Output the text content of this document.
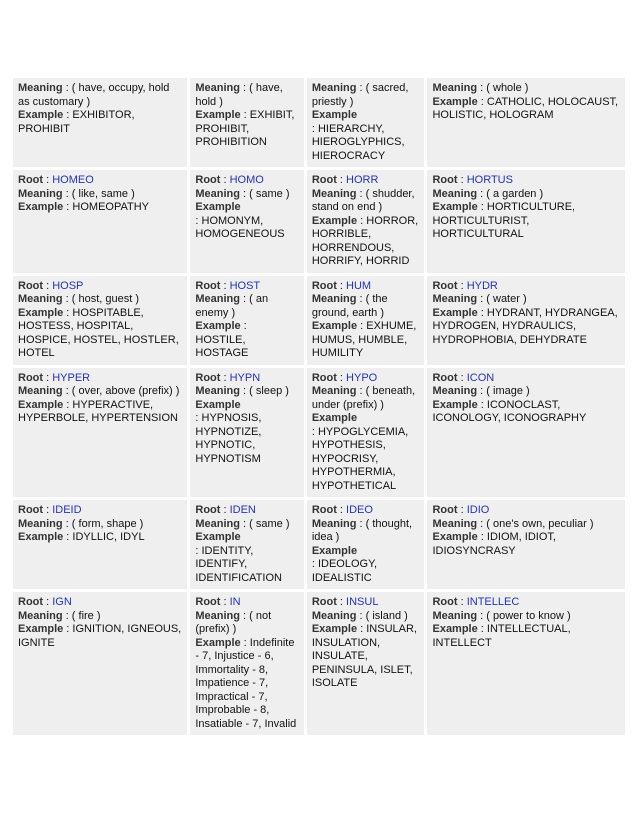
Meaning : ( have, occupy, hold as customary )
Example : EXHIBITOR, PROHIBIT	Meaning : ( have, hold )
Example : EXHIBIT, PROHIBIT, PROHIBITION	Meaning : ( sacred, priestly )
Example
: HIERARCHY, HIEROGLYPHICS, HIEROCRACY	Meaning : ( whole )
Example : CATHOLIC, HOLOCAUST, HOLISTIC, HOLOGRAM

Root : HOMEO
Meaning : ( like, same )
Example : HOMEOPATHY	Root : HOMO
Meaning : ( same )
Example
: HOMONYM, HOMOGENEOUS	Root : HORR
Meaning : ( shudder, stand on end )
Example : HORROR, HORRIBLE, HORRENDOUS, HORRIFY, HORRID	Root : HORTUS
Meaning : ( a garden )
Example : HORTICULTURE, HORTICULTURIST, HORTICULTURAL

Root : HOSP
Meaning : ( host, guest )
Example : HOSPITABLE, HOSTESS, HOSPITAL, HOSPICE, HOSTEL, HOSTLER, HOTEL	Root : HOST
Meaning : ( an enemy )
Example : HOSTILE, HOSTAGE	Root : HUM
Meaning : ( the ground, earth )
Example : EXHUME, HUMUS, HUMBLE, HUMILITY	Root : HYDR
Meaning : ( water )
Example : HYDRANT, HYDRANGEA, HYDROGEN, HYDRAULICS, HYDROPHOBIA, DEHYDRATE

Root : HYPER
Meaning : ( over, above (prefix) )
Example : HYPERACTIVE, HYPERBOLE, HYPERTENSION	Root : HYPN
Meaning : ( sleep )
Example
: HYPNOSIS, HYPNOTIZE, HYPNOTIC, HYPNOTISM	Root : HYPO
Meaning : ( beneath, under (prefix) )
Example
: HYPOGLYCEMIA, HYPOTHESIS, HYPOCRISY, HYPOTHERMIA, HYPOTHETICAL	Root : ICON
Meaning : ( image )
Example : ICONOCLAST, ICONOLOGY, ICONOGRAPHY

Root : IDEID
Meaning : ( form, shape )
Example : IDYLLIC, IDYL	Root : IDEN
Meaning : ( same )
Example
: IDENTITY, IDENTIFY, IDENTIFICATION	Root : IDEO
Meaning : ( thought, idea )
Example
: IDEOLOGY, IDEALISTIC	Root : IDIO
Meaning : ( one's own, peculiar )
Example : IDIOM, IDIOT, IDIOSYNCRASY

Root : IGN
Meaning : ( fire )
Example : IGNITION, IGNEOUS, IGNITE	Root : IN
Meaning : ( not (prefix) )
Example : Indefinite - 7, Injustice - 6, Immortality - 8, Impatience - 7, Impractical - 7, Improbable - 8, Insatiable - 7, Invalid	Root : INSUL
Meaning : ( island )
Example : INSULAR, INSULATION, INSULATE, PENINSULA, ISLET, ISOLATE	Root : INTELLEC
Meaning : ( power to know )
Example : INTELLECTUAL, INTELLECT
